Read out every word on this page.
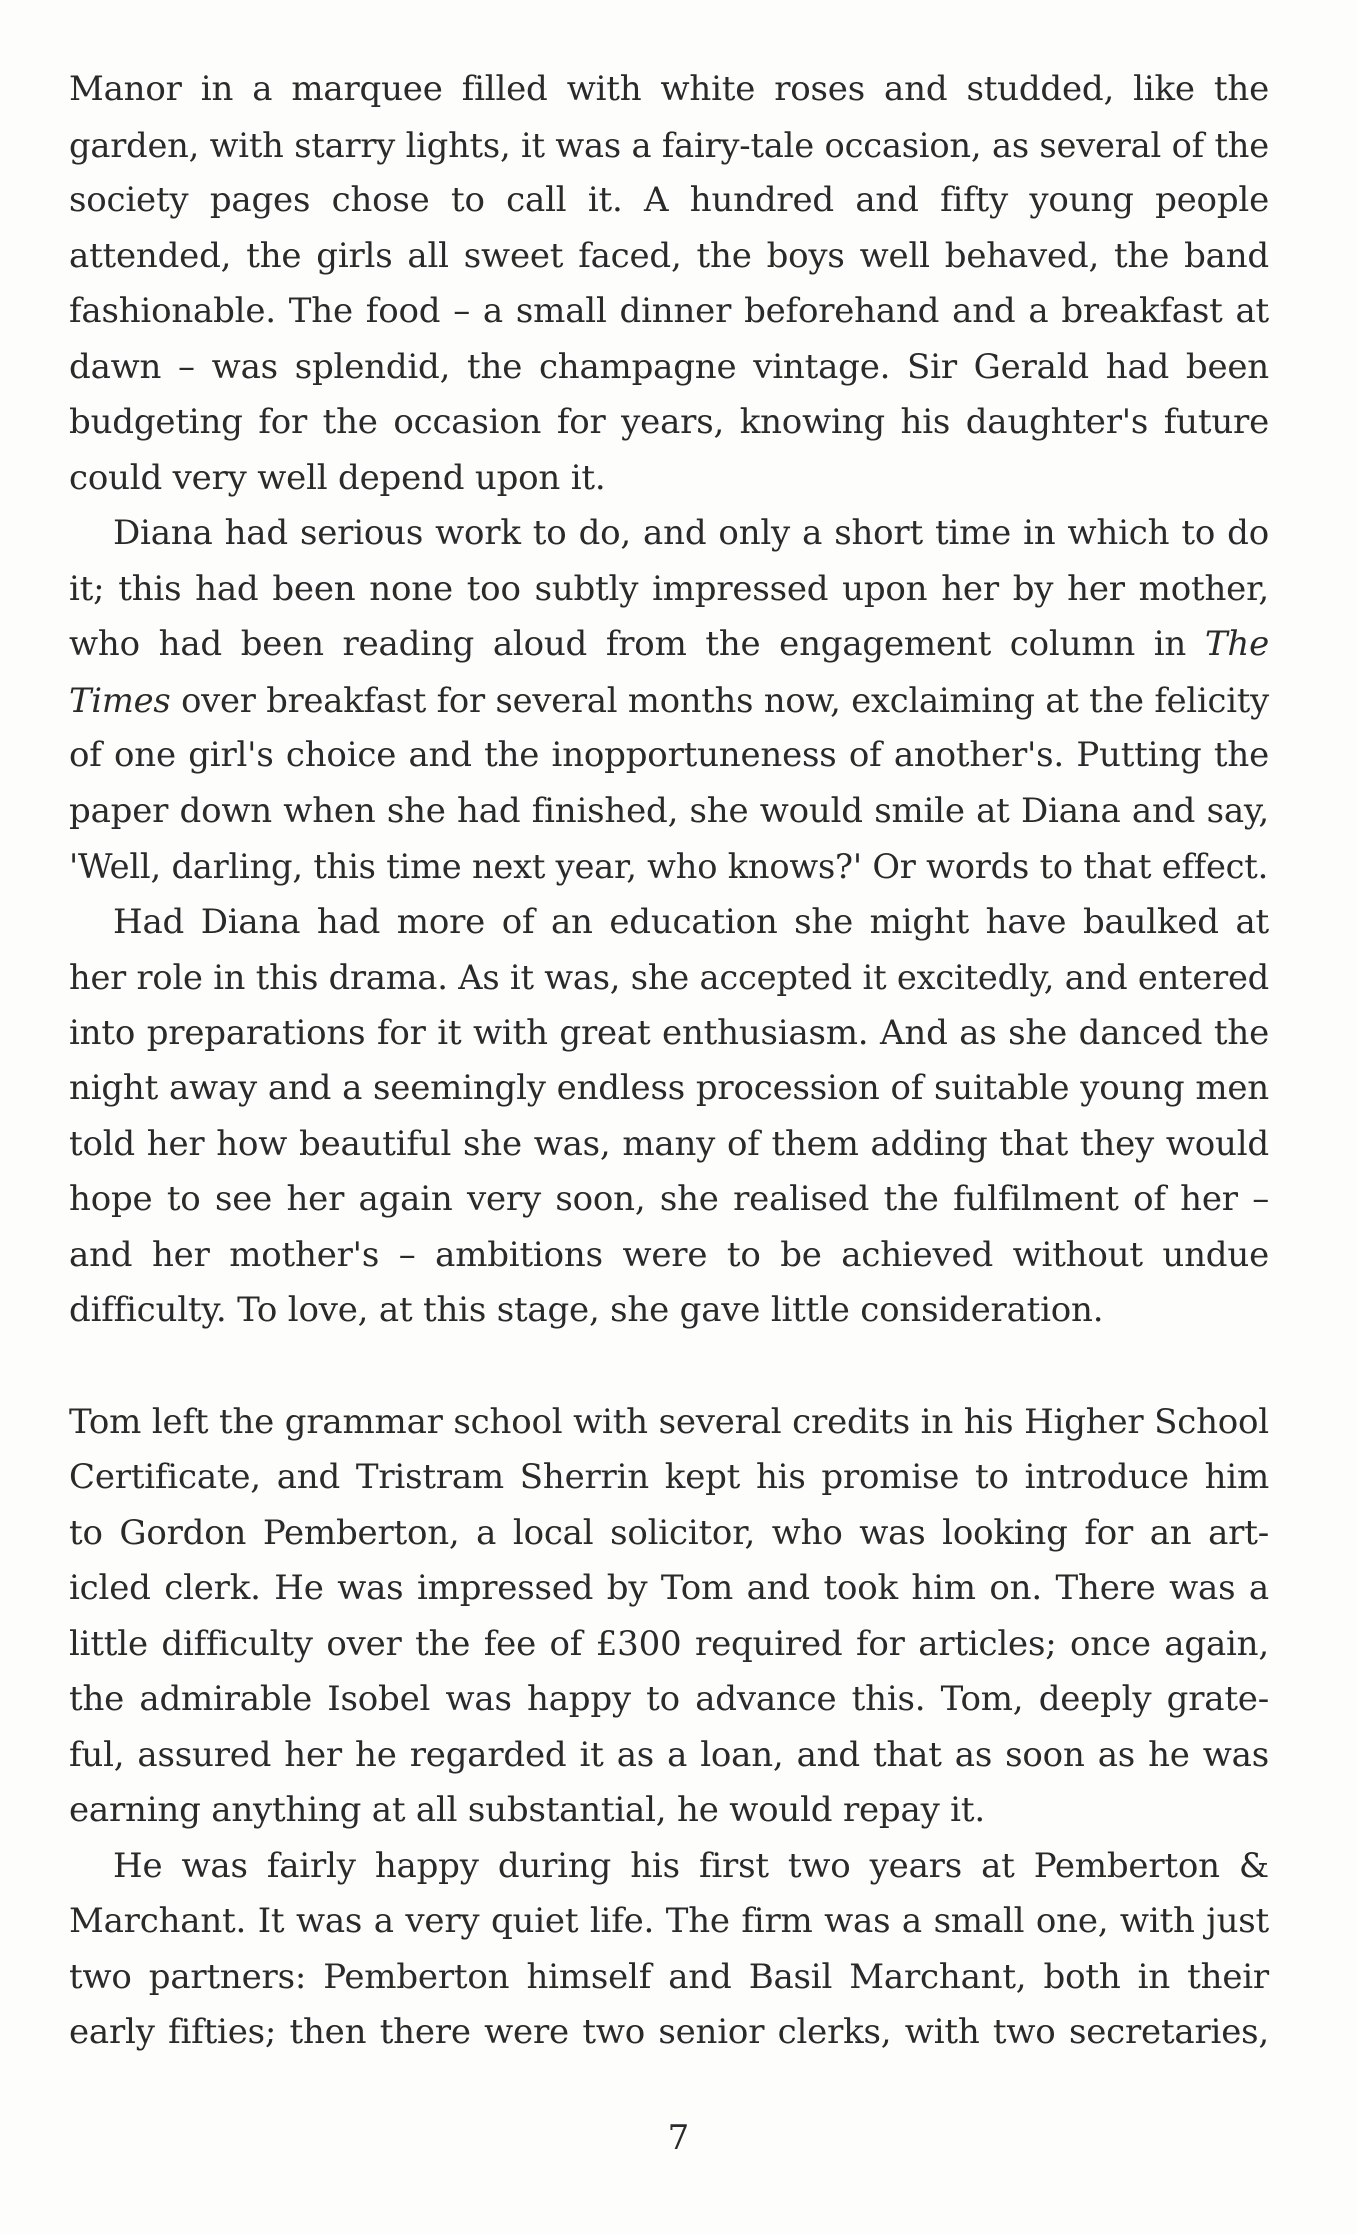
Manor in a marquee filled with white roses and studded, like the
garden, with starry lights, it was a fairy-tale occasion, as several of the
society pages chose to call it. A hundred and fifty young people
attended, the girls all sweet faced, the boys well behaved, the band
fashionable. The food – a small dinner beforehand and a breakfast at
dawn – was splendid, the champagne vintage. Sir Gerald had been
budgeting for the occasion for years, knowing his daughter's future
could very well depend upon it.
Diana had serious work to do, and only a short time in which to do
it; this had been none too subtly impressed upon her by her mother,
who had been reading aloud from the engagement column in The
Times over breakfast for several months now, exclaiming at the felicity
of one girl's choice and the inopportuneness of another's. Putting the
paper down when she had finished, she would smile at Diana and say,
'Well, darling, this time next year, who knows?' Or words to that effect.
Had Diana had more of an education she might have baulked at
her role in this drama. As it was, she accepted it excitedly, and entered
into preparations for it with great enthusiasm. And as she danced the
night away and a seemingly endless procession of suitable young men
told her how beautiful she was, many of them adding that they would
hope to see her again very soon, she realised the fulfilment of her –
and her mother's – ambitions were to be achieved without undue
difficulty. To love, at this stage, she gave little consideration.
Tom left the grammar school with several credits in his Higher School
Certificate, and Tristram Sherrin kept his promise to introduce him
to Gordon Pemberton, a local solicitor, who was looking for an art-
icled clerk. He was impressed by Tom and took him on. There was a
little difficulty over the fee of £300 required for articles; once again,
the admirable Isobel was happy to advance this. Tom, deeply grate-
ful, assured her he regarded it as a loan, and that as soon as he was
earning anything at all substantial, he would repay it.
He was fairly happy during his first two years at Pemberton &
Marchant. It was a very quiet life. The firm was a small one, with just
two partners: Pemberton himself and Basil Marchant, both in their
early fifties; then there were two senior clerks, with two secretaries,
7
